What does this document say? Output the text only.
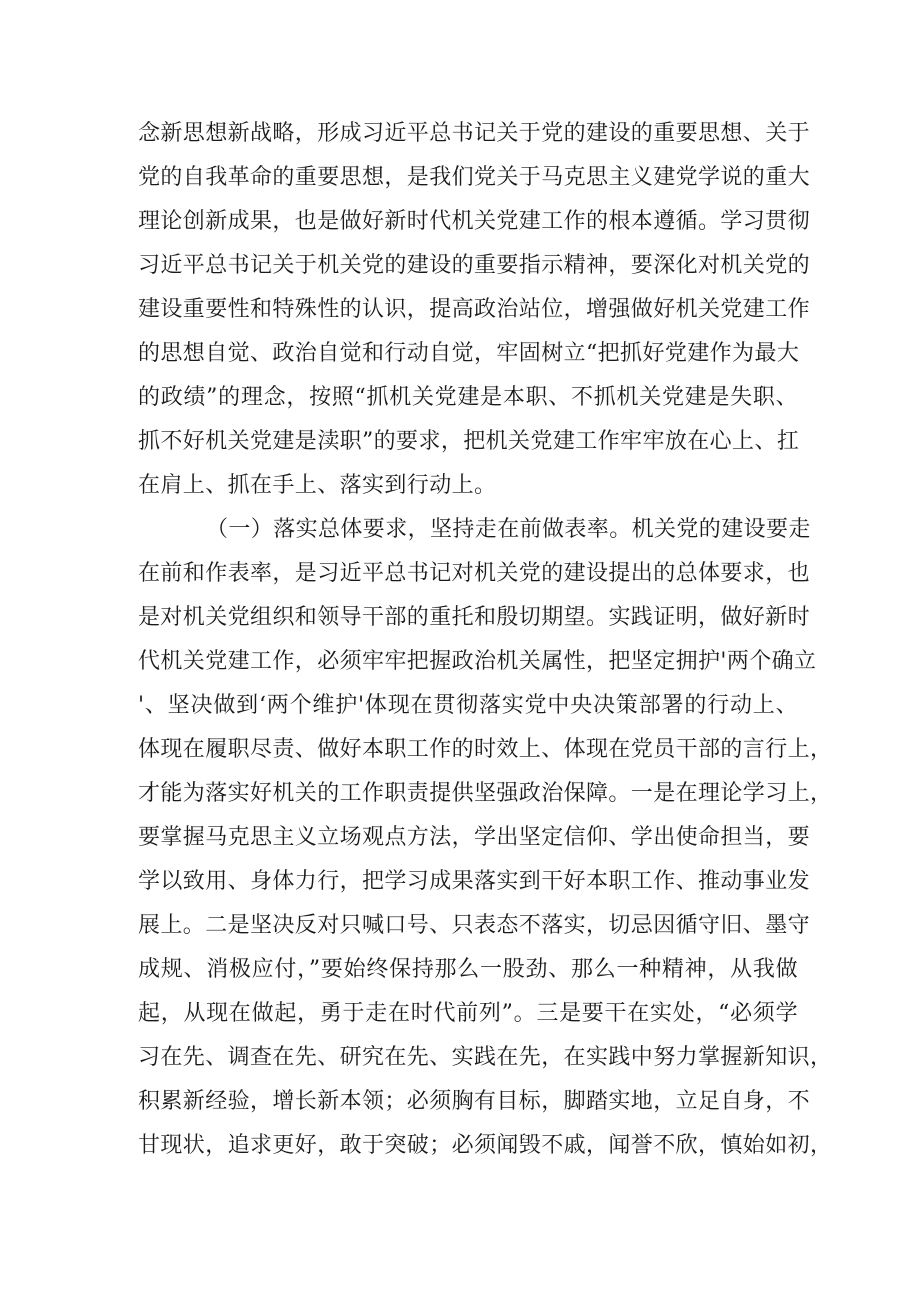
念新思想新战略，形成习近平总书记关于党的建设的重要思想、关于
党的自我革命的重要思想，是我们党关于马克思主义建党学说的重大
理论创新成果，也是做好新时代机关党建工作的根本遵循。学习贯彻
习近平总书记关于机关党的建设的重要指示精神，要深化对机关党的
建设重要性和特殊性的认识，提高政治站位，增强做好机关党建工作
的思想自觉、政治自觉和行动自觉，牢固树立“把抓好党建作为最大
的政绩”的理念，按照“抓机关党建是本职、不抓机关党建是失职、
抓不好机关党建是渎职”的要求，把机关党建工作牢牢放在心上、扛
在肩上、抓在手上、落实到行动上。
（一）落实总体要求，坚持走在前做表率。机关党的建设要走
在前和作表率，是习近平总书记对机关党的建设提出的总体要求，也
是对机关党组织和领导干部的重托和殷切期望。实践证明，做好新时
代机关党建工作，必须牢牢把握政治机关属性，把坚定拥护'两个确立
'、坚决做到‘两个维护'体现在贯彻落实党中央决策部署的行动上、
体现在履职尽责、做好本职工作的时效上、体现在党员干部的言行上，
才能为落实好机关的工作职责提供坚强政治保障。一是在理论学习上，
要掌握马克思主义立场观点方法，学出坚定信仰、学出使命担当，要
学以致用、身体力行，把学习成果落实到干好本职工作、推动事业发
展上。二是坚决反对只喊口号、只表态不落实，切忌因循守旧、墨守
成规、消极应付，”要始终保持那么一股劲、那么一种精神，从我做
起，从现在做起，勇于走在时代前列”。三是要干在实处，“必须学
习在先、调查在先、研究在先、实践在先，在实践中努力掌握新知识，
积累新经验，增长新本领；必须胸有目标，脚踏实地，立足自身，不
甘现状，追求更好，敢于突破；必须闻毁不戚，闻誉不欣，慎始如初，
